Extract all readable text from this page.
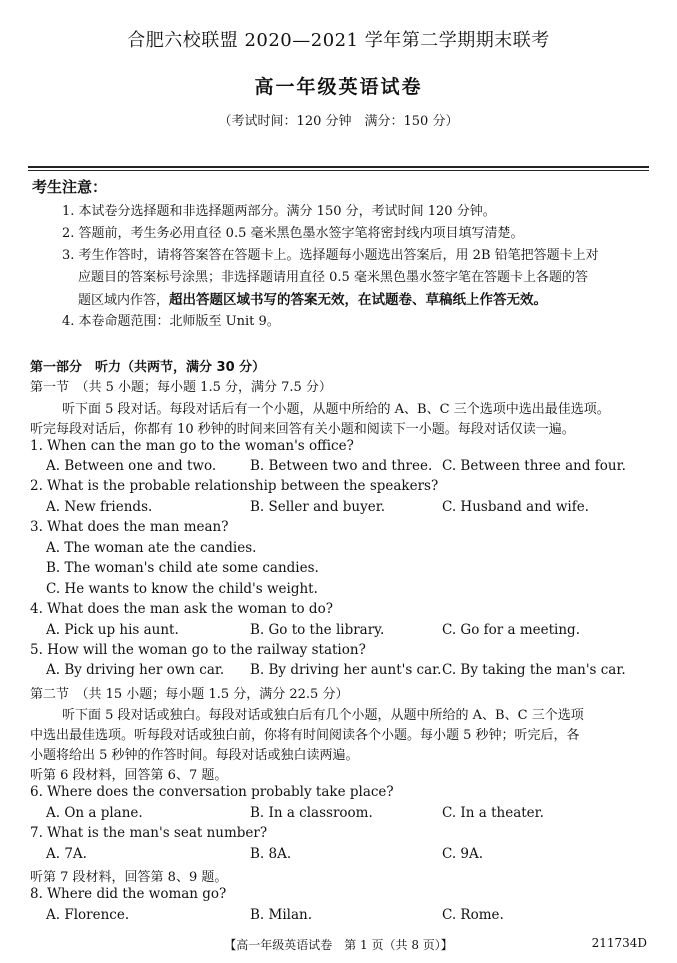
合肥六校联盟 2020—2021 学年第二学期期末联考
高一年级英语试卷
（考试时间：120 分钟　满分：150 分）
考生注意：
1. 本试卷分选择题和非选择题两部分。满分 150 分，考试时间 120 分钟。
2. 答题前，考生务必用直径 0.5 毫米黑色墨水签字笔将密封线内项目填写清楚。
3. 考生作答时，请将答案答在答题卡上。选择题每小题选出答案后，用 2B 铅笔把答题卡上对
应题目的答案标号涂黑；非选择题请用直径 0.5 毫米黑色墨水签字笔在答题卡上各题的答
题区域内作答，超出答题区域书写的答案无效，在试题卷、草稿纸上作答无效。
4. 本卷命题范围：北师版至 Unit 9。
第一部分　听力（共两节，满分 30 分）
第一节　（共 5 小题；每小题 1.5 分，满分 7.5 分）
听下面 5 段对话。每段对话后有一个小题，从题中所给的 A、B、C 三个选项中选出最佳选项。
听完每段对话后，你都有 10 秒钟的时间来回答有关小题和阅读下一小题。每段对话仅读一遍。
1. When can the man go to the woman's office?
A. Between one and two.	B. Between two and three. C. Between three and four.
2. What is the probable relationship between the speakers?
A. New friends.	B. Seller and buyer.	C. Husband and wife.
3. What does the man mean?
A. The woman ate the candies.
B. The woman's child ate some candies.
C. He wants to know the child's weight.
4. What does the man ask the woman to do?
A. Pick up his aunt.	B. Go to the library.	C. Go for a meeting.
5. How will the woman go to the railway station?
A. By driving her own car. B. By driving her aunt's car. C. By taking the man's car.
第二节　（共 15 小题；每小题 1.5 分，满分 22.5 分）
听下面 5 段对话或独白。每段对话或独白后有几个小题，从题中所给的 A、B、C 三个选项
中选出最佳选项。听每段对话或独白前，你将有时间阅读各个小题。每小题 5 秒钟；听完后，各
小题将给出 5 秒钟的作答时间。每段对话或独白读两遍。
听第 6 段材料，回答第 6、7 题。
6. Where does the conversation probably take place?
A. On a plane.	B. In a classroom.	C. In a theater.
7. What is the man's seat number?
A. 7A.	B. 8A.	C. 9A.
听第 7 段材料，回答第 8、9 题。
8. Where did the woman go?
A. Florence.	B. Milan.	C. Rome.
【高一年级英语试卷　第 1 页（共 8 页）】	211734D
